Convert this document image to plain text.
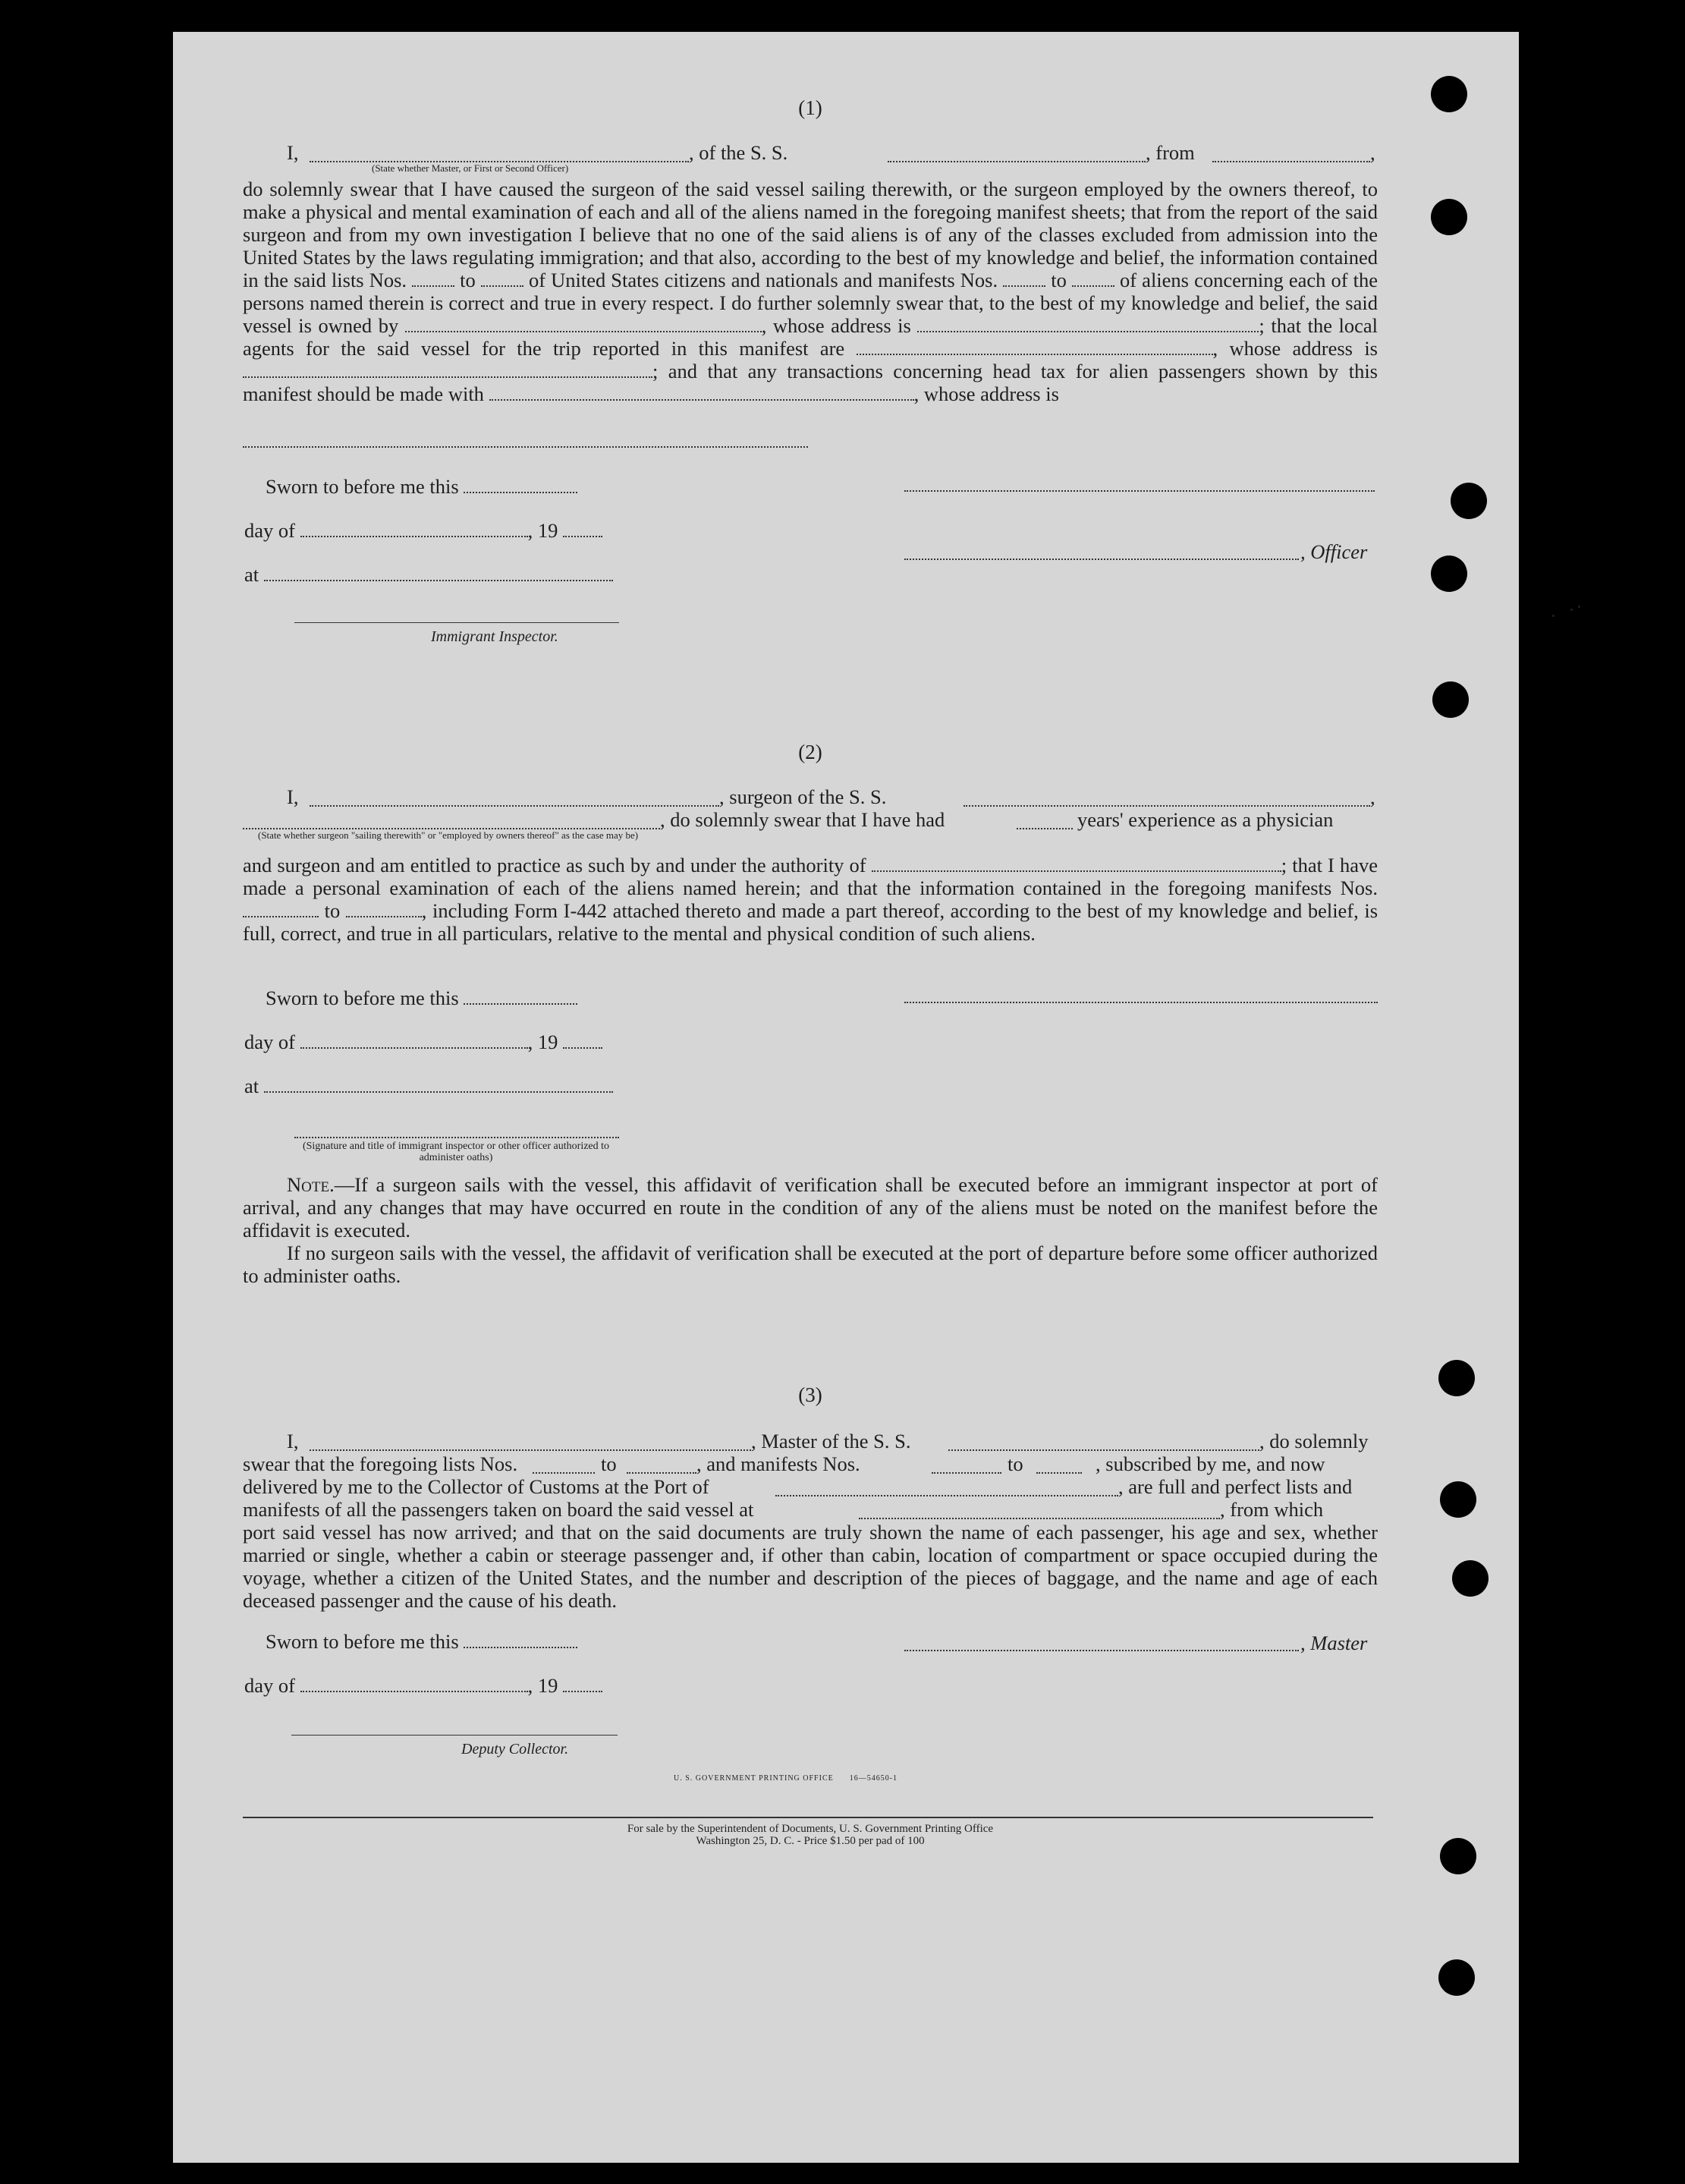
(1)
I,	, of the S. S.	, from	,
(State whether Master, or First or Second Officer)

do solemnly swear that I have caused the surgeon of the said vessel sailing therewith, or the surgeon employed by the owners thereof, to make a physical and mental examination of each and all of the aliens named in the foregoing manifest sheets; that from the report of the said surgeon and from my own investigation I believe that no one of the said aliens is of any of the classes excluded from admission into the United States by the laws regulating immigration; and that also, according to the best of my knowledge and belief, the information contained in the said lists Nos.	to	of United States citizens and nationals and manifests Nos.	to	of aliens concerning each of the persons named therein is correct and true in every respect. I do further solemnly swear that, to the best of my knowledge and belief, the said vessel is owned by	, whose address is	; that the local agents for the said vessel for the trip reported in this manifest are	, whose address is ; and that any transactions concerning head tax for alien passengers shown by this manifest should be made with	, whose address is

Sworn to before me this
day of	, 19
, Officer
at
Immigrant Inspector.
(2)
I,	, surgeon of the S. S.	,
, do solemnly swear that I have had	years' experience as a physician
(State whether surgeon "sailing therewith" or "employed by owners thereof" as the case may be)

and surgeon and am entitled to practice as such by and under the authority of	; that I have made a personal examination of each of the aliens named herein; and that the information contained in the foregoing manifests Nos.  to	, including Form I-442 attached thereto and made a part thereof, according to the best of my knowledge and belief, is full, correct, and true in all particulars, relative to the mental and physical condition of such aliens.

Sworn to before me this
day of	, 19
at
(Signature and title of immigrant inspector or other officer authorized to administer oaths)

Note.—If a surgeon sails with the vessel, this affidavit of verification shall be executed before an immigrant inspector at port of arrival, and any changes that may have occurred en route in the condition of any of the aliens must be noted on the manifest before the affidavit is executed.

If no surgeon sails with the vessel, the affidavit of verification shall be executed at the port of departure before some officer authorized to administer oaths.

(3)
I,	, Master of the S. S.	, do solemnly
swear that the foregoing lists Nos.	to	, and manifests Nos.	to	, subscribed by me, and now
delivered by me to the Collector of Customs at the Port of	, are full and perfect lists and
manifests of all the passengers taken on board the said vessel at	, from which

port said vessel has now arrived; and that on the said documents are truly shown the name of each passenger, his age and sex, whether married or single, whether a cabin or steerage passenger and, if other than cabin, location of compartment or space occupied during the voyage, whether a citizen of the United States, and the number and description of the pieces of baggage, and the name and age of each deceased passenger and the cause of his death.

Sworn to before me this	, Master
day of	, 19
Deputy Collector.
U. S. GOVERNMENT PRINTING OFFICE      16—54650-1
For sale by the Superintendent of Documents, U. S. Government Printing Office
Washington 25, D. C. - Price $1.50 per pad of 100
